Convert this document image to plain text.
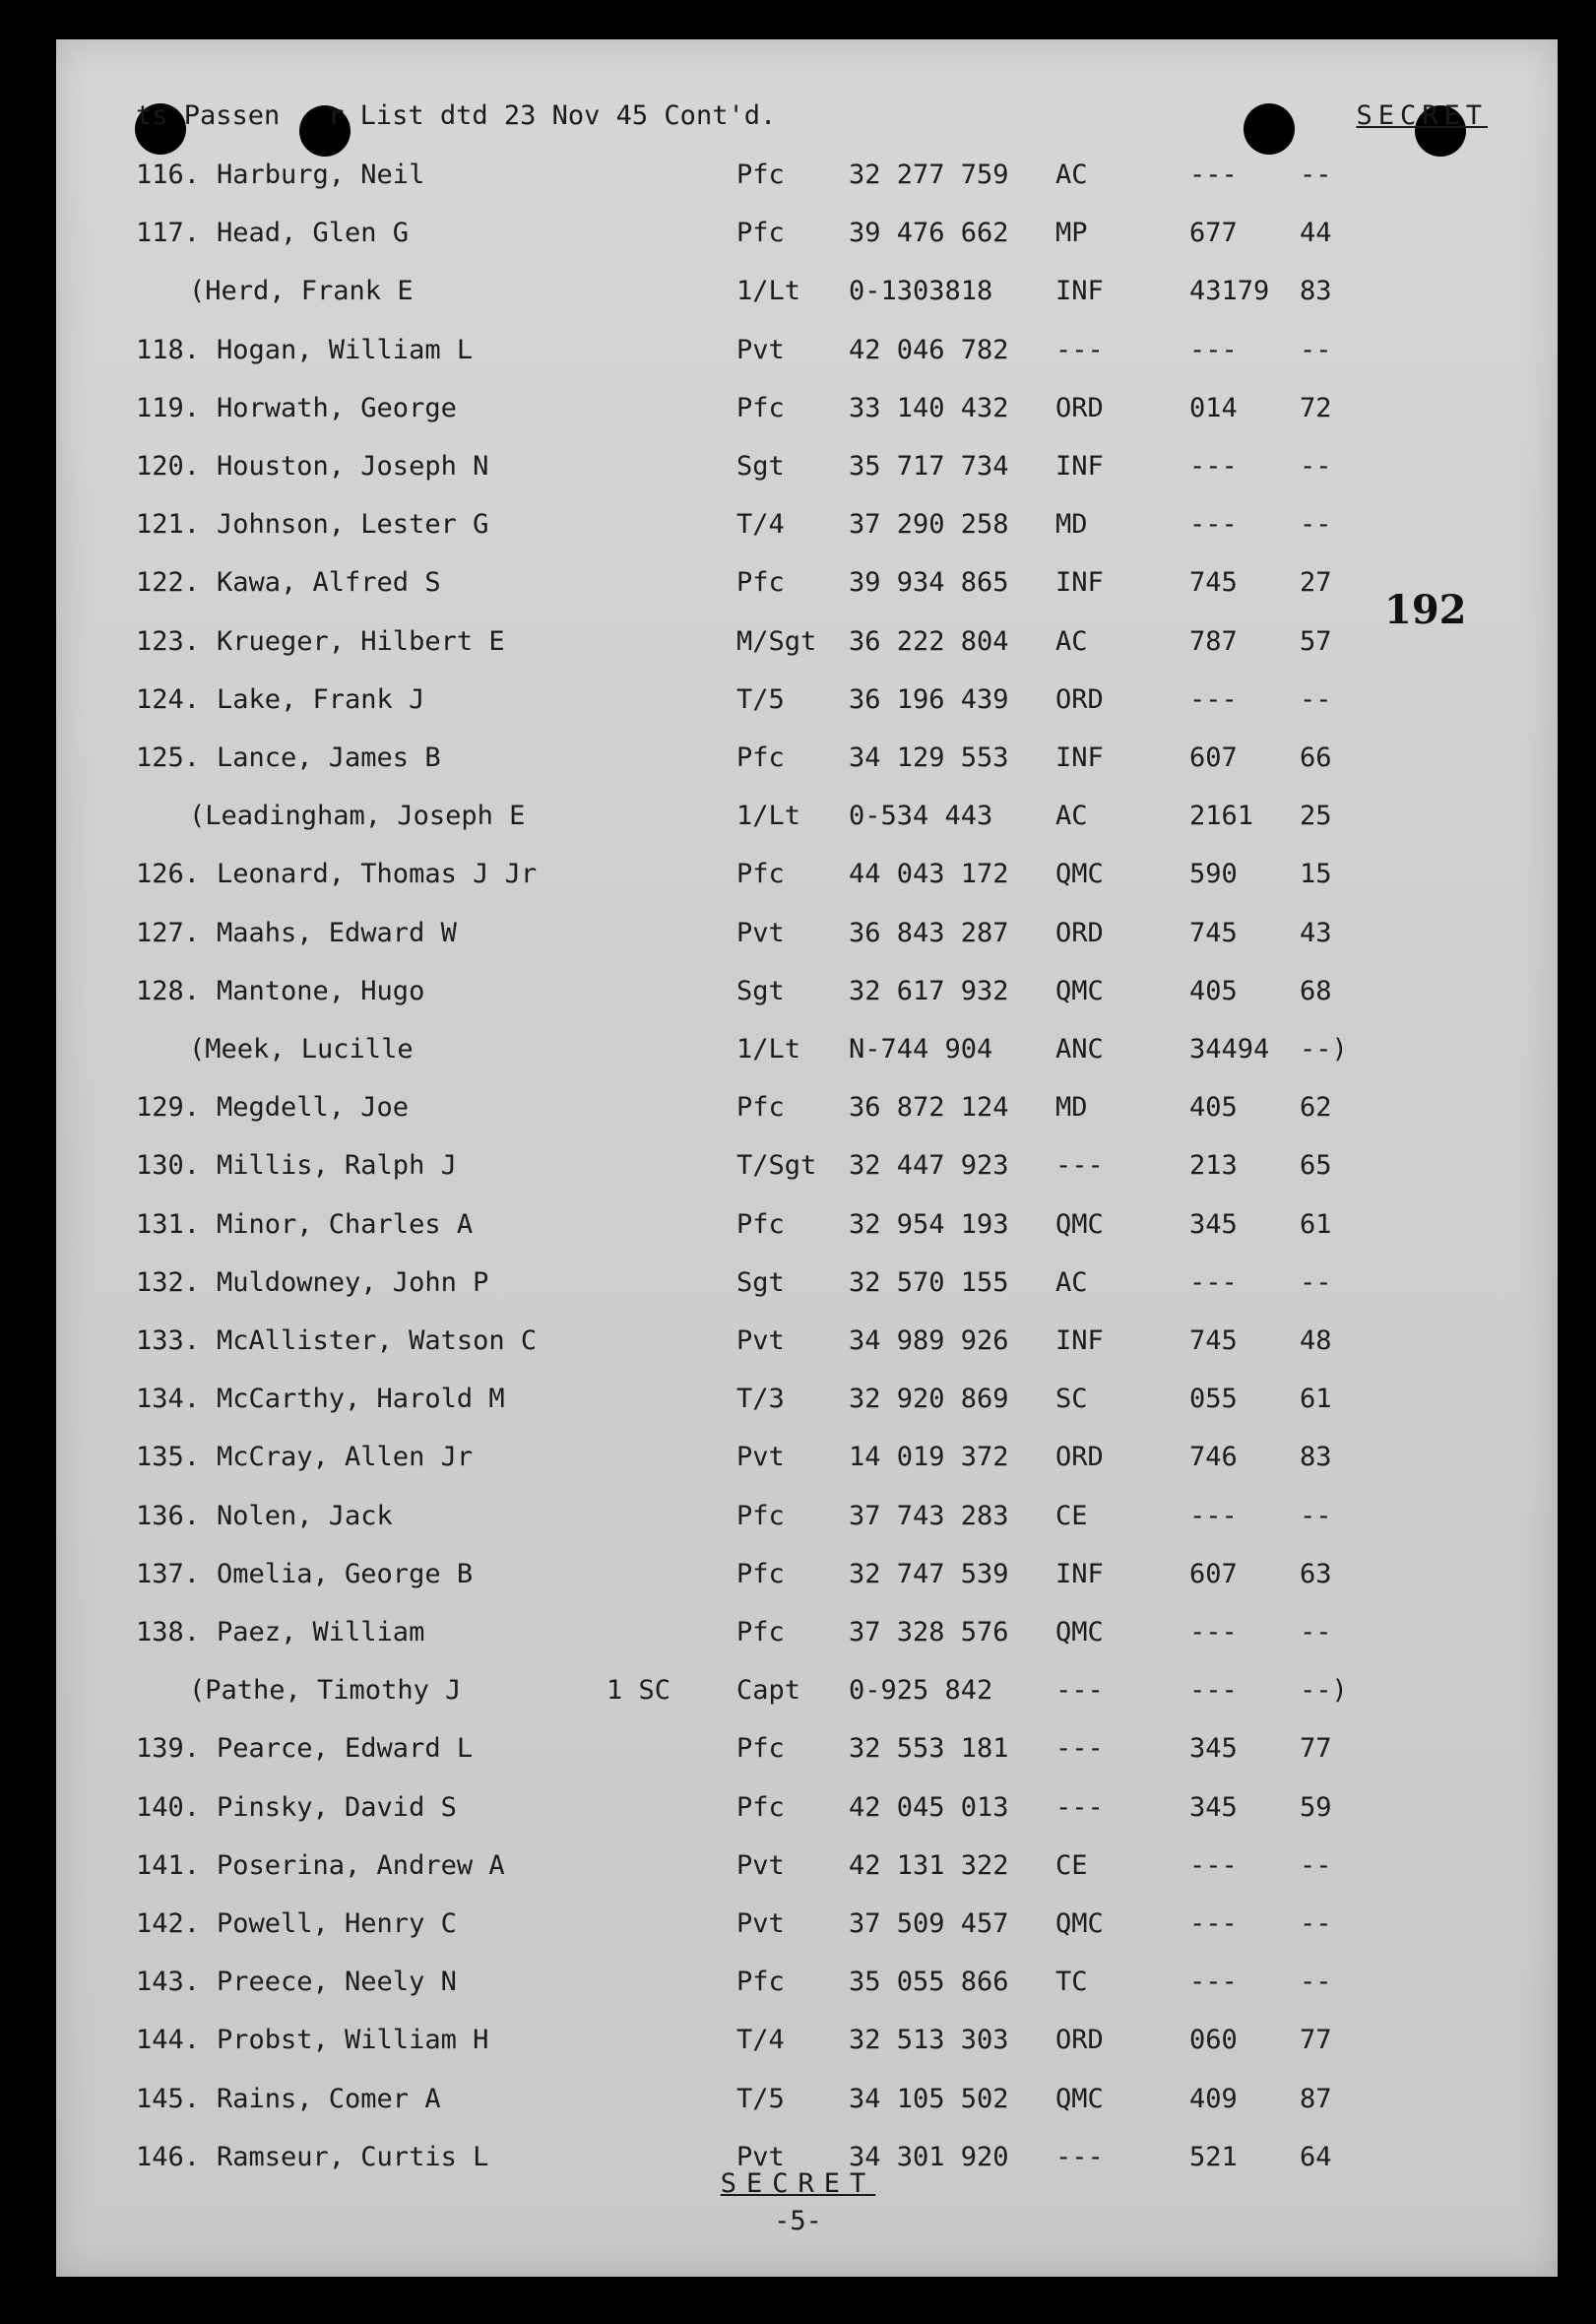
ts Passen   r List dtd 23 Nov 45 Cont'd.	SECRET
192
116. Harburg, Neil	Pfc 32 277 759 AC	--- --
117. Head, Glen G	Pfc 39 476 662 MP	677 44
(Herd, Frank E	1/Lt 0-1303818 INF	43179 83
118. Hogan, William L	Pvt 42 046 782 ---	--- --
119. Horwath, George	Pfc 33 140 432 ORD	014 72
120. Houston, Joseph N	Sgt 35 717 734 INF	--- --
121. Johnson, Lester G	T/4 37 290 258 MD	--- --
122. Kawa, Alfred S	Pfc 39 934 865 INF	745 27
123. Krueger, Hilbert E	M/Sgt 36 222 804 AC	787 57
124. Lake, Frank J	T/5 36 196 439 ORD	--- --
125. Lance, James B	Pfc 34 129 553 INF	607 66
(Leadingham, Joseph E	1/Lt 0-534 443 AC	2161 25
126. Leonard, Thomas J Jr	Pfc 44 043 172 QMC	590 15
127. Maahs, Edward W	Pvt 36 843 287 ORD	745 43
128. Mantone, Hugo	Sgt 32 617 932 QMC	405 68
(Meek, Lucille	1/Lt N-744 904 ANC	34494 --)
129. Megdell, Joe	Pfc 36 872 124 MD	405 62
130. Millis, Ralph J	T/Sgt 32 447 923 ---	213 65
131. Minor, Charles A	Pfc 32 954 193 QMC	345 61
132. Muldowney, John P	Sgt 32 570 155 AC	--- --
133. McAllister, Watson C	Pvt 34 989 926 INF	745 48
134. McCarthy, Harold M	T/3 32 920 869 SC	055 61
135. McCray, Allen Jr	Pvt 14 019 372 ORD	746 83
136. Nolen, Jack	Pfc 37 743 283 CE	--- --
137. Omelia, George B	Pfc 32 747 539 INF	607 63
138. Paez, William	Pfc 37 328 576 QMC	--- --
(Pathe, Timothy J	1 SC Capt 0-925 842 ---	--- --)
139. Pearce, Edward L	Pfc 32 553 181 ---	345 77
140. Pinsky, David S	Pfc 42 045 013 ---	345 59
141. Poserina, Andrew A	Pvt 42 131 322 CE	--- --
142. Powell, Henry C	Pvt 37 509 457 QMC	--- --
143. Preece, Neely N	Pfc 35 055 866 TC	--- --
144. Probst, William H	T/4 32 513 303 ORD	060 77
145. Rains, Comer A	T/5 34 105 502 QMC	409 87
146. Ramseur, Curtis L	Pvt 34 301 920 ---	521 64
SECRET
-5-
